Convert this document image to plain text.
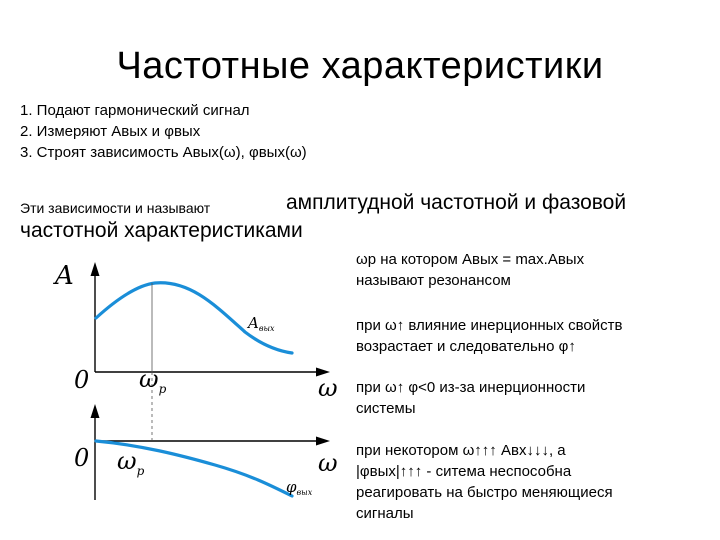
Частотные характеристики
1. Подают гармонический сигнал
2. Измеряют Авых и φвых
3. Строят зависимость Авых(ω), φвых(ω)
Эти зависимости и называют	амплитудной частотной и фазовой
частотной характеристиками
A
0
0
ω
ω
$\omega_p$
$\omega_p$
$A_{вых}$
$\varphi_{вых}$
ωр на котором Авых = max.Авых
называют резонансом
при ω↑ влияние инерционных свойств
возрастает и следовательно φ↑
при ω↑ φ<0 из-за инерционности
системы
при некотором ω↑↑↑ Авх↓↓↓, а
|φвых|↑↑↑ - ситема неспособна
реагировать на быстро меняющиеся
сигналы
